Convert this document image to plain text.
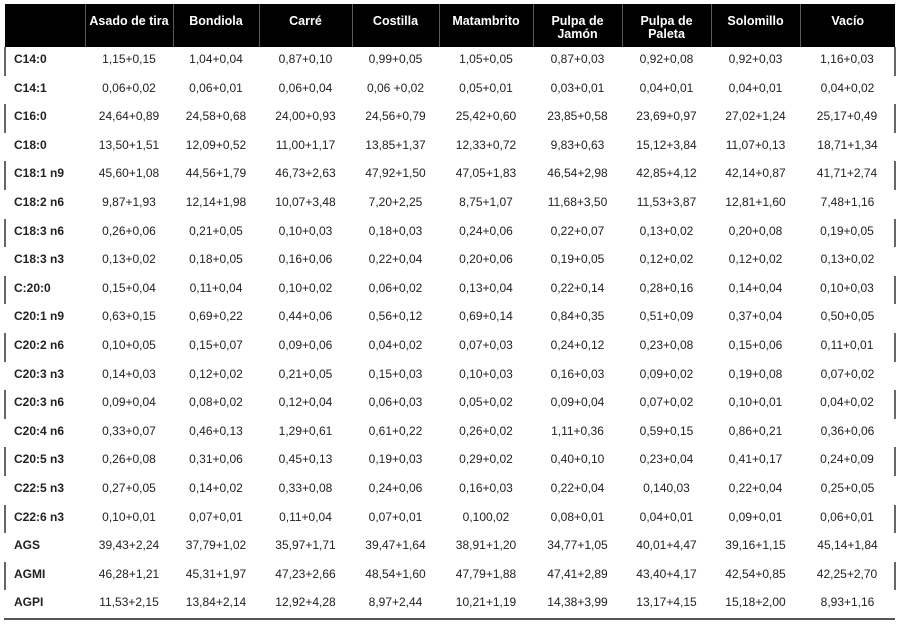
	Asado de tira	Bondiola	Carré	Costilla	Matambrito	Pulpa de Jamón	Pulpa de Paleta	Solomillo	Vacío
C14:0	1,15+0,15	1,04+0,04	0,87+0,10	0,99+0,05	1,05+0,05	0,87+0,03	0,92+0,08	0,92+0,03	1,16+0,03
C14:1	0,06+0,02	0,06+0,01	0,06+0,04	0,06 +0,02	0,05+0,01	0,03+0,01	0,04+0,01	0,04+0,01	0,04+0,02
C16:0	24,64+0,89	24,58+0,68	24,00+0,93	24,56+0,79	25,42+0,60	23,85+0,58	23,69+0,97	27,02+1,24	25,17+0,49
C18:0	13,50+1,51	12,09+0,52	11,00+1,17	13,85+1,37	12,33+0,72	9,83+0,63	15,12+3,84	11,07+0,13	18,71+1,34
C18:1 n9	45,60+1,08	44,56+1,79	46,73+2,63	47,92+1,50	47,05+1,83	46,54+2,98	42,85+4,12	42,14+0,87	41,71+2,74
C18:2 n6	9,87+1,93	12,14+1,98	10,07+3,48	7,20+2,25	8,75+1,07	11,68+3,50	11,53+3,87	12,81+1,60	7,48+1,16
C18:3 n6	0,26+0,06	0,21+0,05	0,10+0,03	0,18+0,03	0,24+0,06	0,22+0,07	0,13+0,02	0,20+0,08	0,19+0,05
C18:3 n3	0,13+0,02	0,18+0,05	0,16+0,06	0,22+0,04	0,20+0,06	0,19+0,05	0,12+0,02	0,12+0,02	0,13+0,02
C:20:0	0,15+0,04	0,11+0,04	0,10+0,02	0,06+0,02	0,13+0,04	0,22+0,14	0,28+0,16	0,14+0,04	0,10+0,03
C20:1 n9	0,63+0,15	0,69+0,22	0,44+0,06	0,56+0,12	0,69+0,14	0,84+0,35	0,51+0,09	0,37+0,04	0,50+0,05
C20:2 n6	0,10+0,05	0,15+0,07	0,09+0,06	0,04+0,02	0,07+0,03	0,24+0,12	0,23+0,08	0,15+0,06	0,11+0,01
C20:3 n3	0,14+0,03	0,12+0,02	0,21+0,05	0,15+0,03	0,10+0,03	0,16+0,03	0,09+0,02	0,19+0,08	0,07+0,02
C20:3 n6	0,09+0,04	0,08+0,02	0,12+0,04	0,06+0,03	0,05+0,02	0,09+0,04	0,07+0,02	0,10+0,01	0,04+0,02
C20:4 n6	0,33+0,07	0,46+0,13	1,29+0,61	0,61+0,22	0,26+0,02	1,11+0,36	0,59+0,15	0,86+0,21	0,36+0,06
C20:5 n3	0,26+0,08	0,31+0,06	0,45+0,13	0,19+0,03	0,29+0,02	0,40+0,10	0,23+0,04	0,41+0,17	0,24+0,09
C22:5 n3	0,27+0,05	0,14+0,02	0,33+0,08	0,24+0,06	0,16+0,03	0,22+0,04	0,140,03	0,22+0,04	0,25+0,05
C22:6 n3	0,10+0,01	0,07+0,01	0,11+0,04	0,07+0,01	0,100,02	0,08+0,01	0,04+0,01	0,09+0,01	0,06+0,01
AGS	39,43+2,24	37,79+1,02	35,97+1,71	39,47+1,64	38,91+1,20	34,77+1,05	40,01+4,47	39,16+1,15	45,14+1,84
AGMI	46,28+1,21	45,31+1,97	47,23+2,66	48,54+1,60	47,79+1,88	47,41+2,89	43,40+4,17	42,54+0,85	42,25+2,70
AGPI	11,53+2,15	13,84+2,14	12,92+4,28	8,97+2,44	10,21+1,19	14,38+3,99	13,17+4,15	15,18+2,00	8,93+1,16
